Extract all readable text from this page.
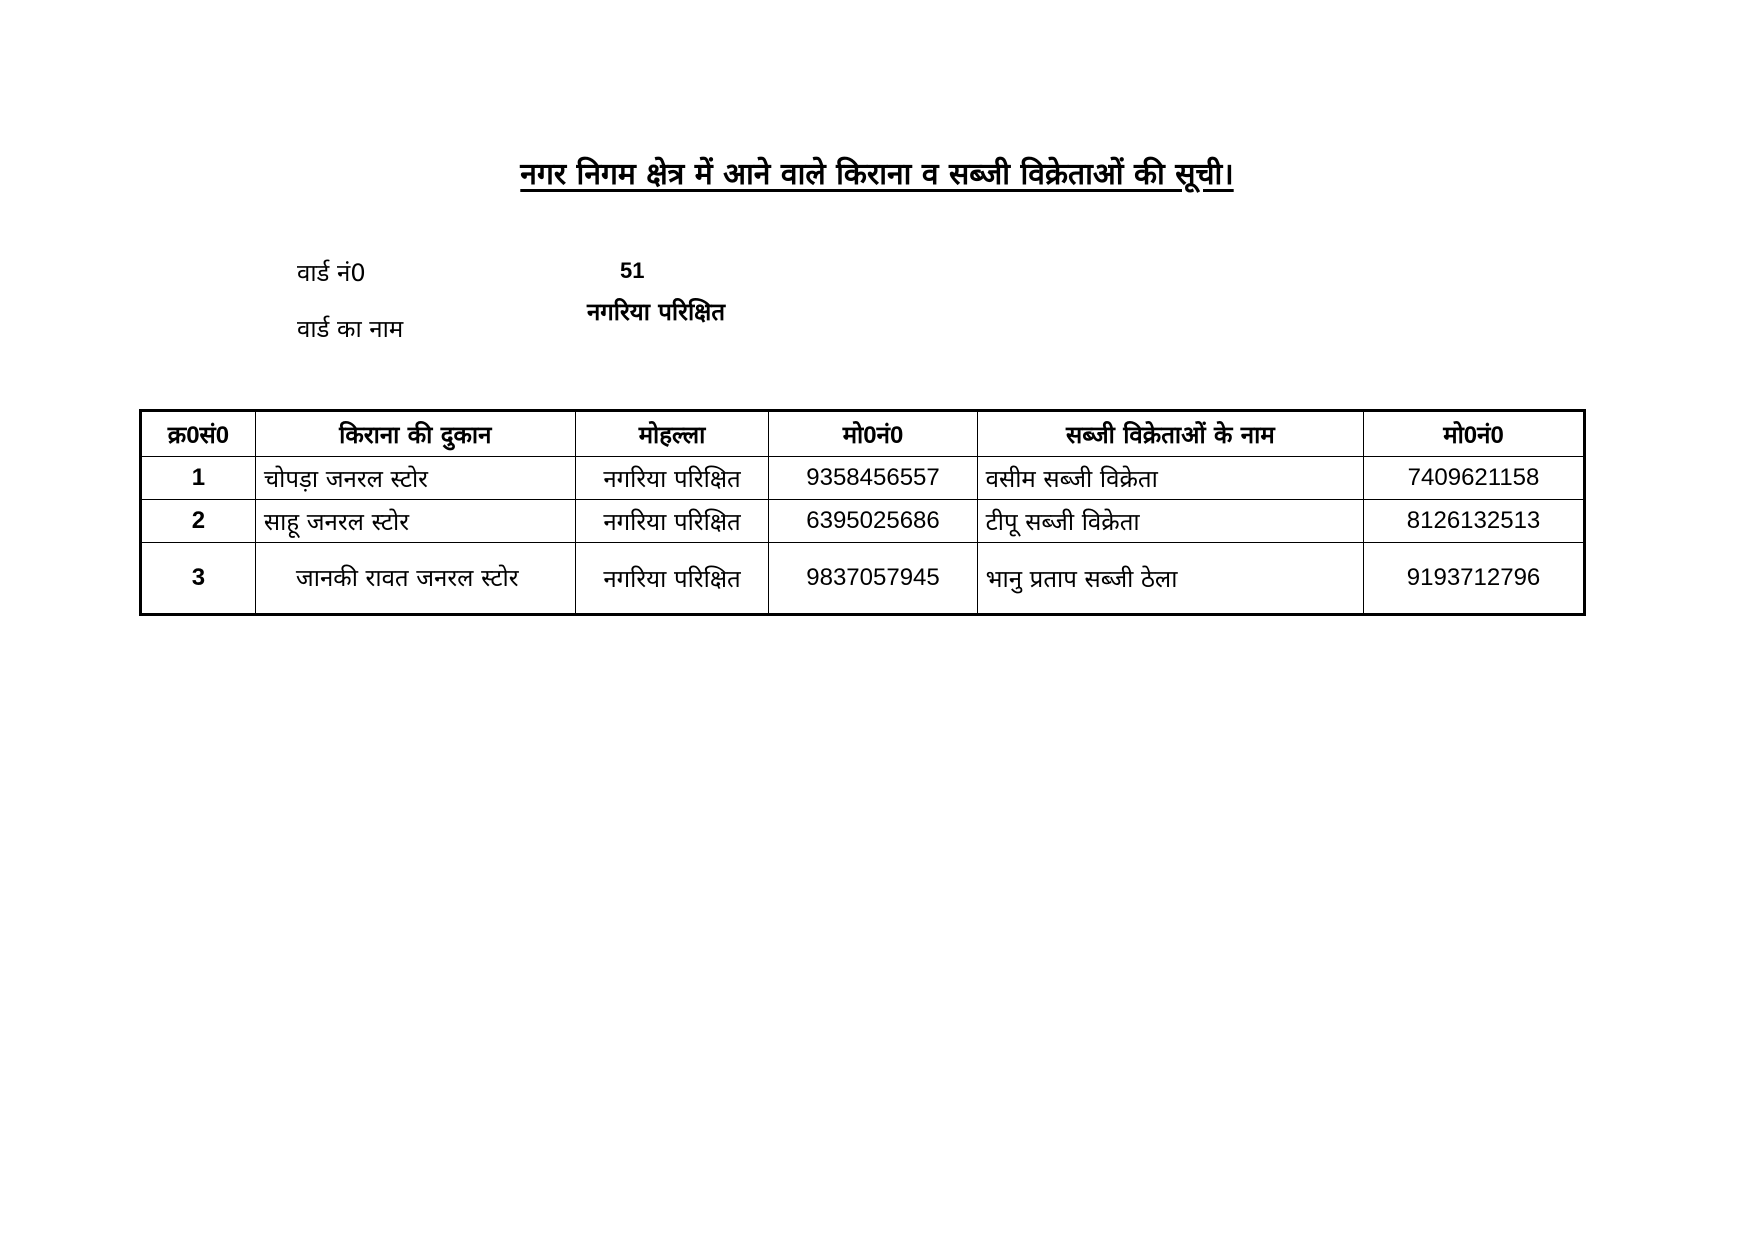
नगर निगम क्षेत्र में आने वाले किराना व सब्जी विक्रेताओं की सूची।
वार्ड नं0	51
वार्ड का नाम
नगरिया परिक्षित
क्र0सं0	किराना की दुकान	मोहल्ला	मो0नं0	सब्जी विक्रेताओं के नाम	मो0नं0
1	चोपड़ा जनरल स्टोर	नगरिया परिक्षित	9358456557	वसीम सब्जी विक्रेता	7409621158
2	साहू जनरल स्टोर	नगरिया परिक्षित	6395025686	टीपू सब्जी विक्रेता	8126132513
3	जानकी रावत जनरल स्टोर	नगरिया परिक्षित	9837057945	भानु प्रताप सब्जी ठेला	9193712796
